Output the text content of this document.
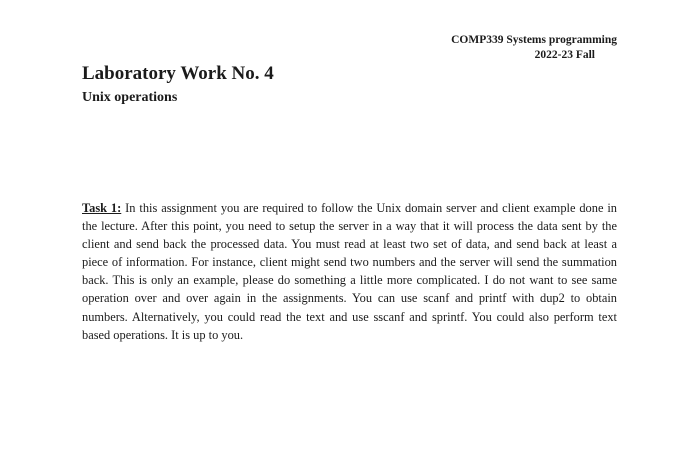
COMP339 Systems programming
2022-23 Fall
Laboratory Work No. 4
Unix operations

Task 1: In this assignment you are required to follow the Unix domain server and client example done in the lecture. After this point, you need to setup the server in a way that it will process the data sent by the client and send back the processed data. You must read at least two set of data, and send back at least a piece of information. For instance, client might send two numbers and the server will send the summation back. This is only an example, please do something a little more complicated. I do not want to see same operation over and over again in the assignments. You can use scanf and printf with dup2 to obtain numbers. Alternatively, you could read the text and use sscanf and sprintf. You could also perform text based operations. It is up to you.
